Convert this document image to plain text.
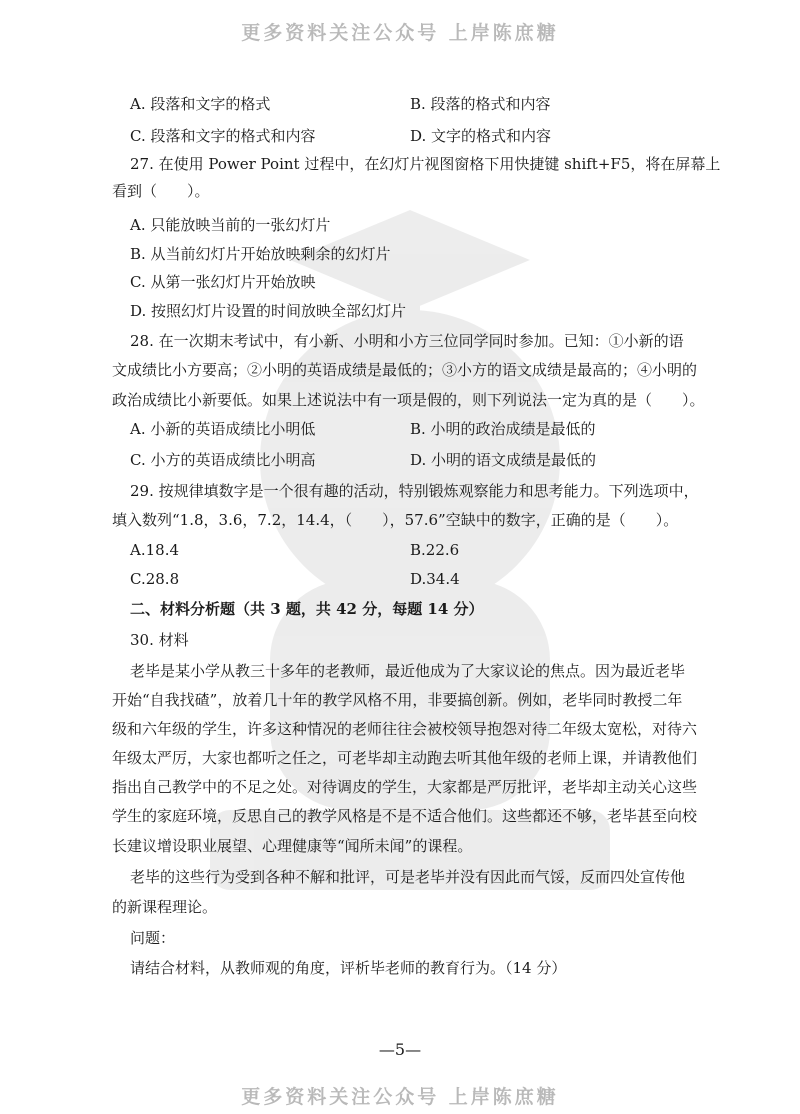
更多资料关注公众号 上岸陈庶糖
A. 段落和文字的格式	B. 段落的格式和内容
C. 段落和文字的格式和内容	D. 文字的格式和内容
27. 在使用 Power Point 过程中，在幻灯片视图窗格下用快捷键 shift+F5，将在屏幕上
看到（　　）。
A. 只能放映当前的一张幻灯片
B. 从当前幻灯片开始放映剩余的幻灯片
C. 从第一张幻灯片开始放映
D. 按照幻灯片设置的时间放映全部幻灯片
28. 在一次期末考试中，有小新、小明和小方三位同学同时参加。已知：①小新的语
文成绩比小方要高；②小明的英语成绩是最低的；③小方的语文成绩是最高的；④小明的
政治成绩比小新要低。如果上述说法中有一项是假的，则下列说法一定为真的是（　　）。
A. 小新的英语成绩比小明低	B. 小明的政治成绩是最低的
C. 小方的英语成绩比小明高	D. 小明的语文成绩是最低的
29. 按规律填数字是一个很有趣的活动，特别锻炼观察能力和思考能力。下列选项中，
填入数列“1.8，3.6，7.2，14.4，（　　），57.6”空缺中的数字，正确的是（　　）。
A.18.4	B.22.6
C.28.8	D.34.4
二、材料分析题（共 3 题，共 42 分，每题 14 分）
30. 材料
老毕是某小学从教三十多年的老教师，最近他成为了大家议论的焦点。因为最近老毕
开始“自我找碴”，放着几十年的教学风格不用，非要搞创新。例如，老毕同时教授二年
级和六年级的学生，许多这种情况的老师往往会被校领导抱怨对待二年级太宽松，对待六
年级太严厉，大家也都听之任之，可老毕却主动跑去听其他年级的老师上课，并请教他们
指出自己教学中的不足之处。对待调皮的学生，大家都是严厉批评，老毕却主动关心这些
学生的家庭环境，反思自己的教学风格是不是不适合他们。这些都还不够，老毕甚至向校
长建议增设职业展望、心理健康等“闻所未闻”的课程。
老毕的这些行为受到各种不解和批评，可是老毕并没有因此而气馁，反而四处宣传他
的新课程理论。
问题：
请结合材料，从教师观的角度，评析毕老师的教育行为。（14 分）
—5—
更多资料关注公众号 上岸陈庶糖
